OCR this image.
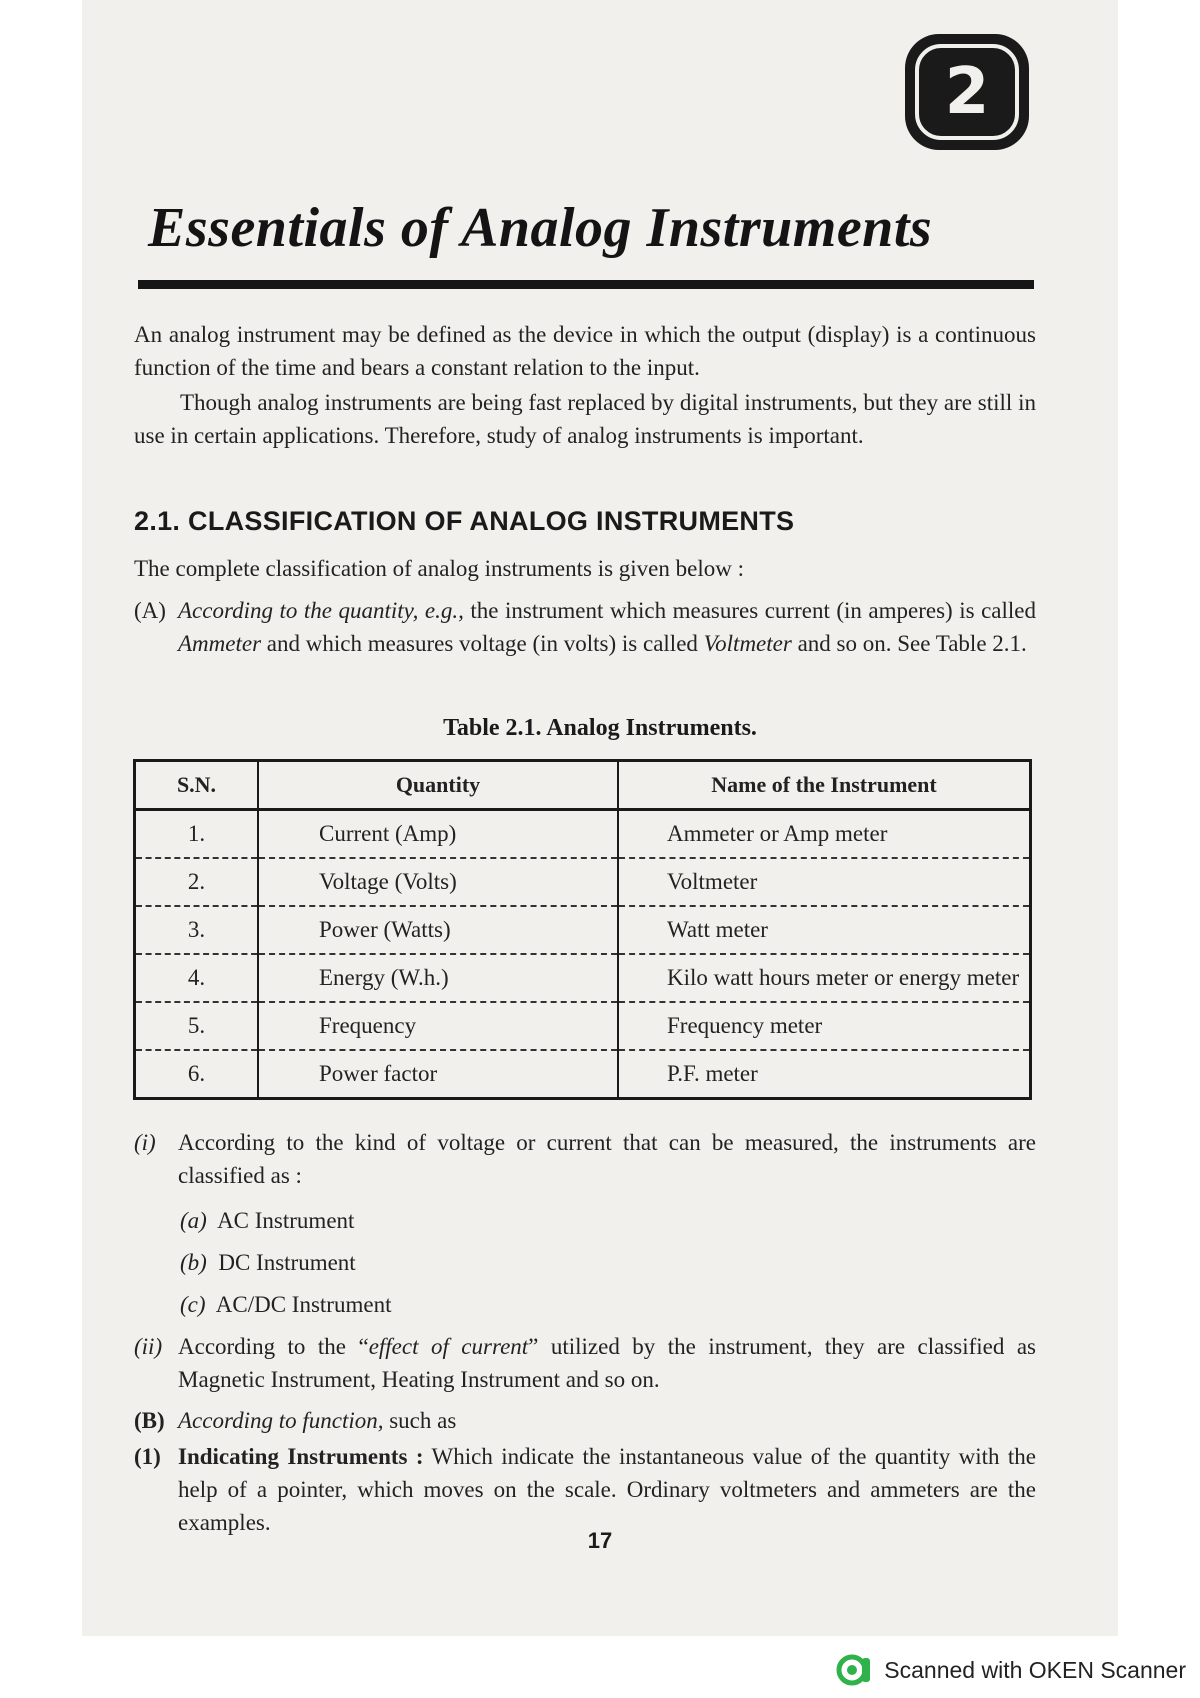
2
Essentials of Analog Instruments
An analog instrument may be defined as the device in which the output (display) is a continuous function of the time and bears a constant relation to the input.
Though analog instruments are being fast replaced by digital instruments, but they are still in use in certain applications. Therefore, study of analog instruments is important.
2.1. CLASSIFICATION OF ANALOG INSTRUMENTS
The complete classification of analog instruments is given below :
(A) According to the quantity, e.g., the instrument which measures current (in amperes) is called Ammeter and which measures voltage (in volts) is called Voltmeter and so on. See Table 2.1.
Table 2.1. Analog Instruments.
S.N.	Quantity	Name of the Instrument
1.	Current (Amp)	Ammeter or Amp meter
2.	Voltage (Volts)	Voltmeter
3.	Power (Watts)	Watt meter
4.	Energy (W.h.)	Kilo watt hours meter or energy meter
5.	Frequency	Frequency meter
6.	Power factor	P.F. meter
(i) According to the kind of voltage or current that can be measured, the instruments are classified as :
(a) AC Instrument
(b) DC Instrument
(c) AC/DC Instrument
(ii) According to the “effect of current” utilized by the instrument, they are classified as Magnetic Instrument, Heating Instrument and so on.
(B) According to function, such as
(1) Indicating Instruments : Which indicate the instantaneous value of the quantity with the help of a pointer, which moves on the scale. Ordinary voltmeters and ammeters are the examples.
17
Scanned with OKEN Scanner
